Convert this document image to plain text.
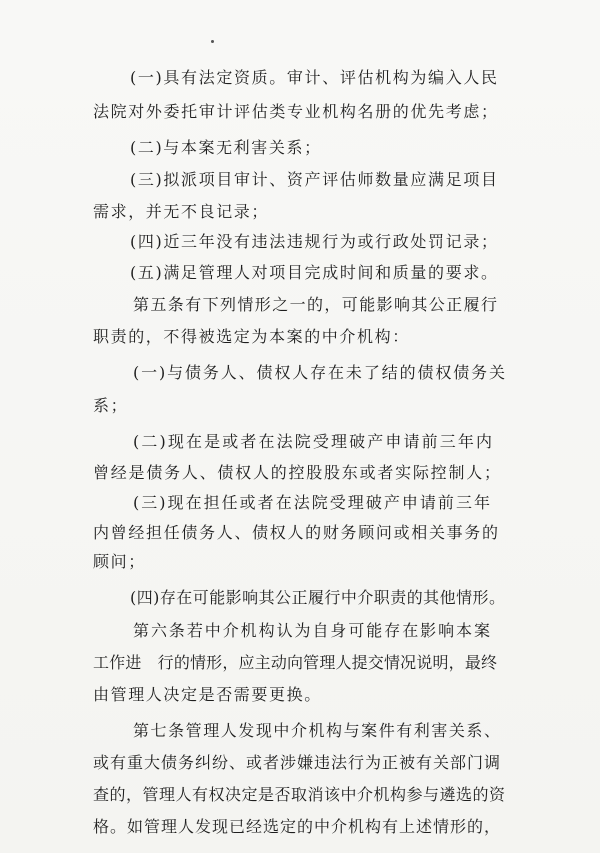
(一)具有法定资质。审计、评估机构为编入人民
法院对外委托审计评估类专业机构名册的优先考虑；
(二)与本案无利害关系；
(三)拟派项目审计、资产评估师数量应满足项目
需求，并无不良记录；
(四)近三年没有违法违规行为或行政处罚记录；
(五)满足管理人对项目完成时间和质量的要求。
第五条有下列情形之一的，可能影响其公正履行
职责的，不得被选定为本案的中介机构：
(一)与债务人、债权人存在未了结的债权债务关
系；
(二)现在是或者在法院受理破产申请前三年内
曾经是债务人、债权人的控股股东或者实际控制人；
(三)现在担任或者在法院受理破产申请前三年
内曾经担任债务人、债权人的财务顾问或相关事务的
顾问；
(四)存在可能影响其公正履行中介职责的其他情形。
第六条若中介机构认为自身可能存在影响本案
工作进　行的情形，应主动向管理人提交情况说明，最终
由管理人决定是否需要更换。
第七条管理人发现中介机构与案件有利害关系、
或有重大债务纠纷、或者涉嫌违法行为正被有关部门调
查的，管理人有权决定是否取消该中介机构参与遴选的资
格。如管理人发现已经选定的中介机构有上述情形的，
